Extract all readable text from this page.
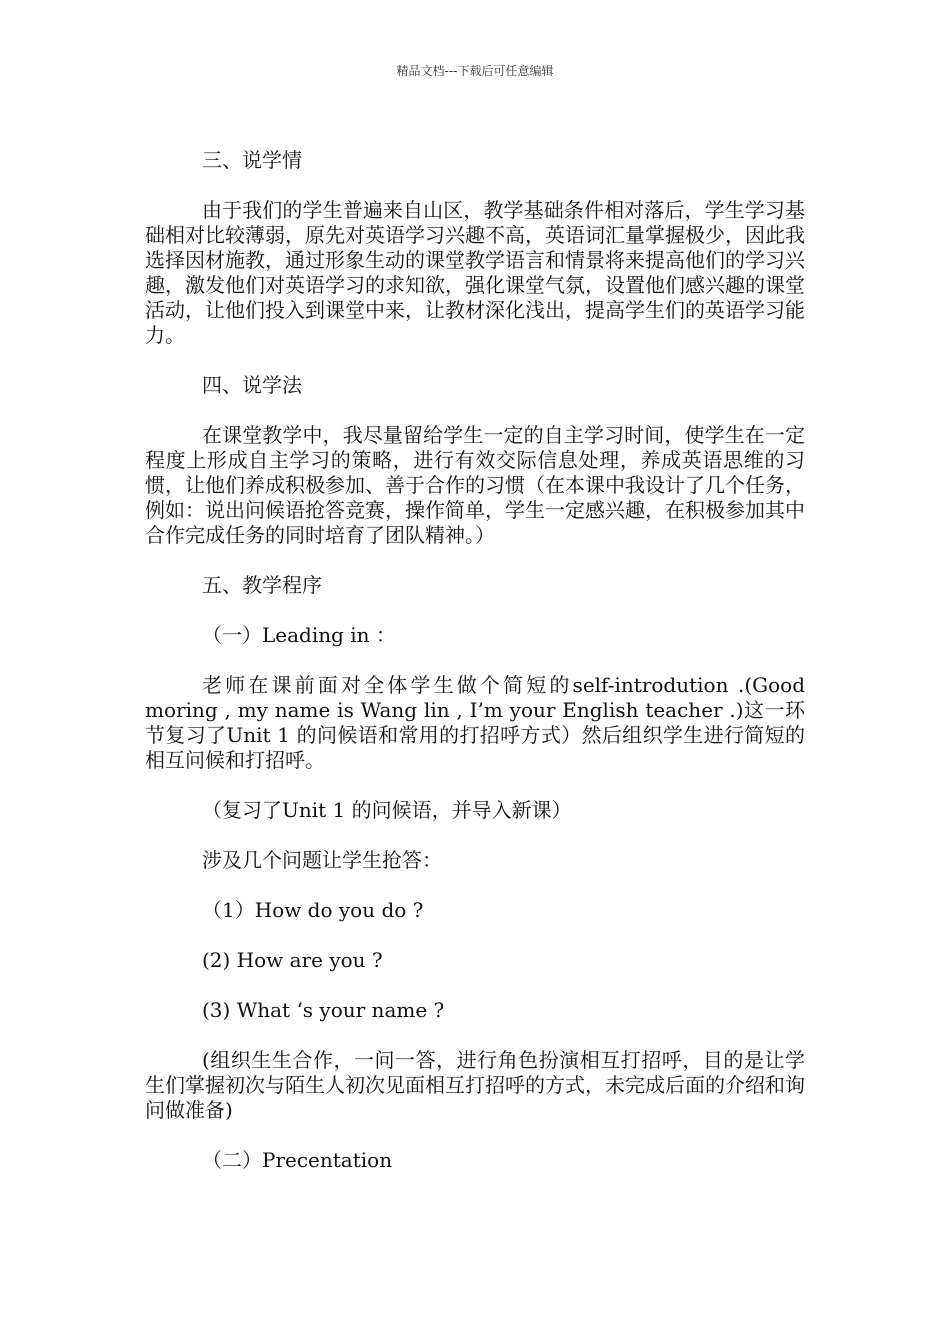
精品文档---下载后可任意编辑
三、说学情
由于我们的学生普遍来自山区，教学基础条件相对落后，学生学习基础相对比较薄弱，原先对英语学习兴趣不高，英语词汇量掌握极少，因此我选择因材施教，通过形象生动的课堂教学语言和情景将来提高他们的学习兴趣，激发他们对英语学习的求知欲，强化课堂气氛，设置他们感兴趣的课堂活动，让他们投入到课堂中来，让教材深化浅出，提高学生们的英语学习能力。
四、说学法
在课堂教学中，我尽量留给学生一定的自主学习时间，使学生在一定程度上形成自主学习的策略，进行有效交际信息处理，养成英语思维的习惯，让他们养成积极参加、善于合作的习惯（在本课中我设计了几个任务，例如：说出问候语抢答竞赛，操作简单，学生一定感兴趣，在积极参加其中合作完成任务的同时培育了团队精神。）
五、教学程序
（一）Leading in ：
老师在课前面对全体学生做个简短的self-introdution .(Good moring , my name is Wang lin , I’m your English teacher .)这一环节复习了Unit 1 的问候语和常用的打招呼方式）然后组织学生进行简短的相互问候和打招呼。
（复习了Unit 1 的问候语，并导入新课）
涉及几个问题让学生抢答：
（1）How do you do ?
(2) How are you ?
(3) What ‘s your name ?
(组织生生合作，一问一答，进行角色扮演相互打招呼，目的是让学生们掌握初次与陌生人初次见面相互打招呼的方式，未完成后面的介绍和询问做准备)
（二）Precentation
